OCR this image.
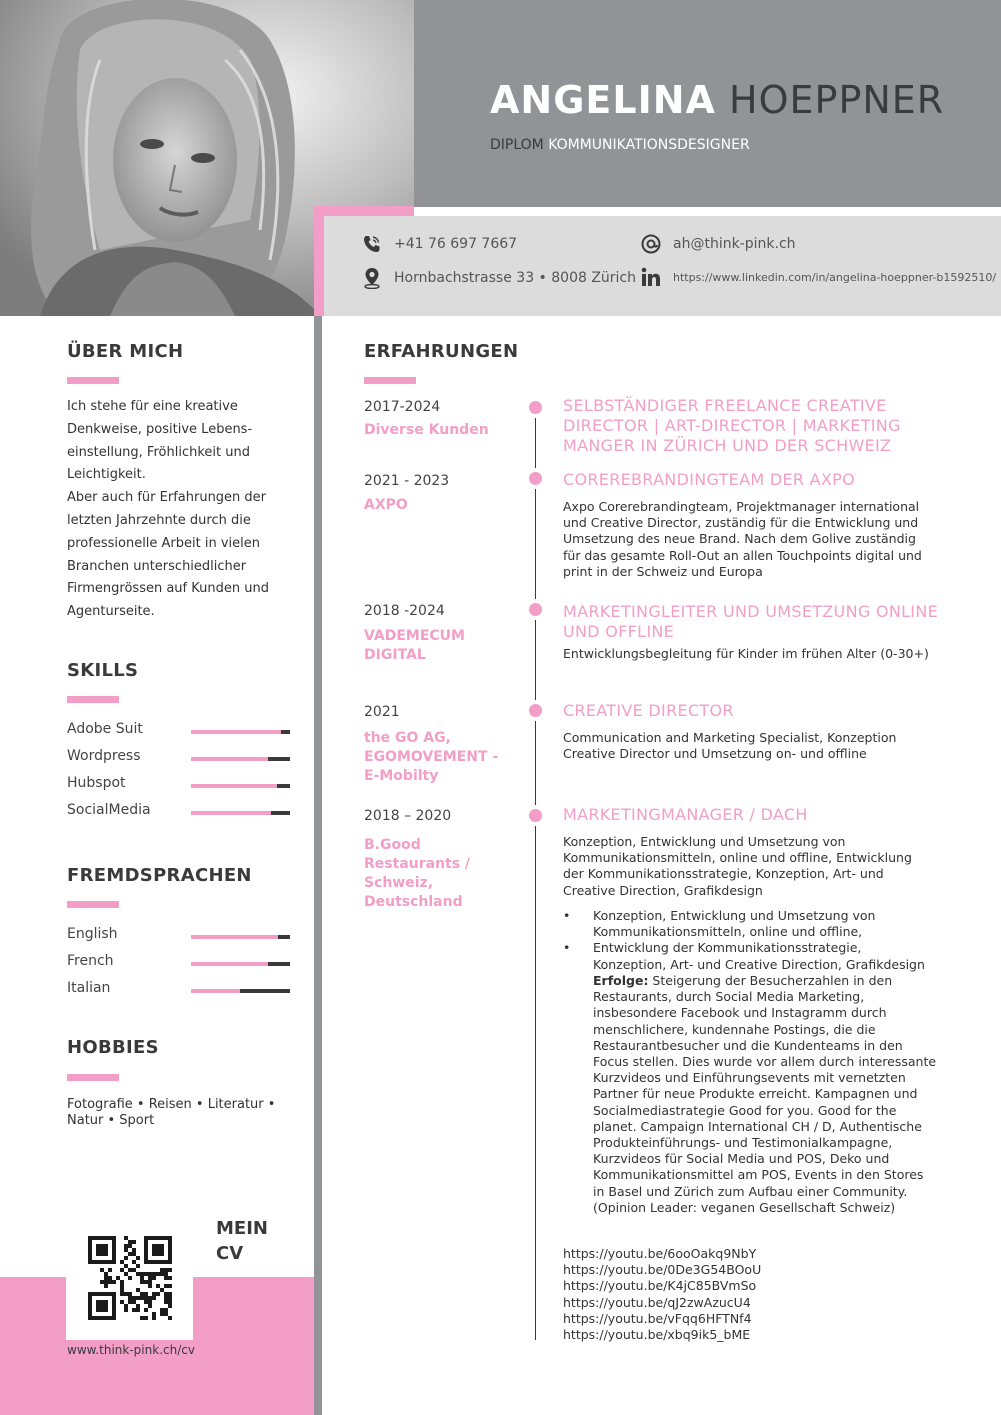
ANGELINA HOEPPNER
DIPLOM KOMMUNIKATIONSDESIGNER
+41 76 697 7667
Hornbachstrasse 33 • 8008 Zürich
ah@think-pink.ch
https://www.linkedin.com/in/angelina-hoeppner-b1592510/
ÜBER MICH

Ich stehe für eine kreative
Denkweise, positive Lebens-
einstellung, Fröhlichkeit und
Leichtigkeit.
Aber auch für Erfahrungen der
letzten Jahrzehnte durch die
professionelle Arbeit in vielen
Branchen unterschiedlicher
Firmengrössen auf Kunden und
Agenturseite.

SKILLS
Adobe Suit
Wordpress
Hubspot
SocialMedia
FREMDSPRACHEN
English
French
Italian
HOBBIES
Fotografie • Reisen • Literatur • Natur • Sport
MEIN
CV
www.think-pink.ch/cv
ERFAHRUNGEN
2017-2024
Diverse Kunden
SELBSTÄNDIGER FREELANCE CREATIVE DIRECTOR | ART-DIRECTOR | MARKETING MANGER IN ZÜRICH UND DER SCHWEIZ
2021 - 2023
AXPO
COREREBRANDINGTEAM DER AXPO
Axpo Corerebrandingteam, Projektmanager international und Creative Director, zuständig für die Entwicklung und Umsetzung des neue Brand. Nach dem Golive zuständig für das gesamte Roll-Out an allen Touchpoints digital und print in der Schweiz und Europa
2018 -2024
VADEMECUM DIGITAL
MARKETINGLEITER UND UMSETZUNG ONLINE UND OFFLINE
Entwicklungsbegleitung für Kinder im frühen Alter (0-30+)
2021
the GO AG, EGOMOVEMENT - E-Mobilty
CREATIVE DIRECTOR
Communication and Marketing Specialist, Konzeption Creative Director und Umsetzung on- und offline
2018 – 2020
B.Good Restaurants / Schweiz, Deutschland
MARKETINGMANAGER / DACH
Konzeption, Entwicklung und Umsetzung von Kommunikationsmitteln, online und offline, Entwicklung der Kommunikationsstrategie, Konzeption, Art- und Creative Direction, Grafikdesign
• Konzeption, Entwicklung und Umsetzung von Kommunikationsmitteln, online und offline,
• Entwicklung der Kommunikationsstrategie, Konzeption, Art- und Creative Direction, Grafikdesign
Erfolge: Steigerung der Besucherzahlen in den Restaurants, durch Social Media Marketing, insbesondere Facebook und Instagramm durch menschlichere, kundennahe Postings, die die Restaurantbesucher und die Kundenteams in den Focus stellen. Dies wurde vor allem durch interessante Kurzvideos und Einführungsevents mit vernetzten Partner für neue Produkte erreicht. Kampagnen und Socialmediastrategie Good for you. Good for the planet. Campaign International CH / D, Authentische Produkteinführungs- und Testimonialkampagne, Kurzvideos für Social Media und POS, Deko und Kommunikationsmittel am POS, Events in den Stores in Basel und Zürich zum Aufbau einer Community. (Opinion Leader: veganen Gesellschaft Schweiz)
https://youtu.be/6ooOakq9NbY
https://youtu.be/0De3G54BOoU
https://youtu.be/K4jC85BVmSo
https://youtu.be/qJ2zwAzucU4
https://youtu.be/vFqq6HFTNf4
https://youtu.be/xbq9ik5_bME
